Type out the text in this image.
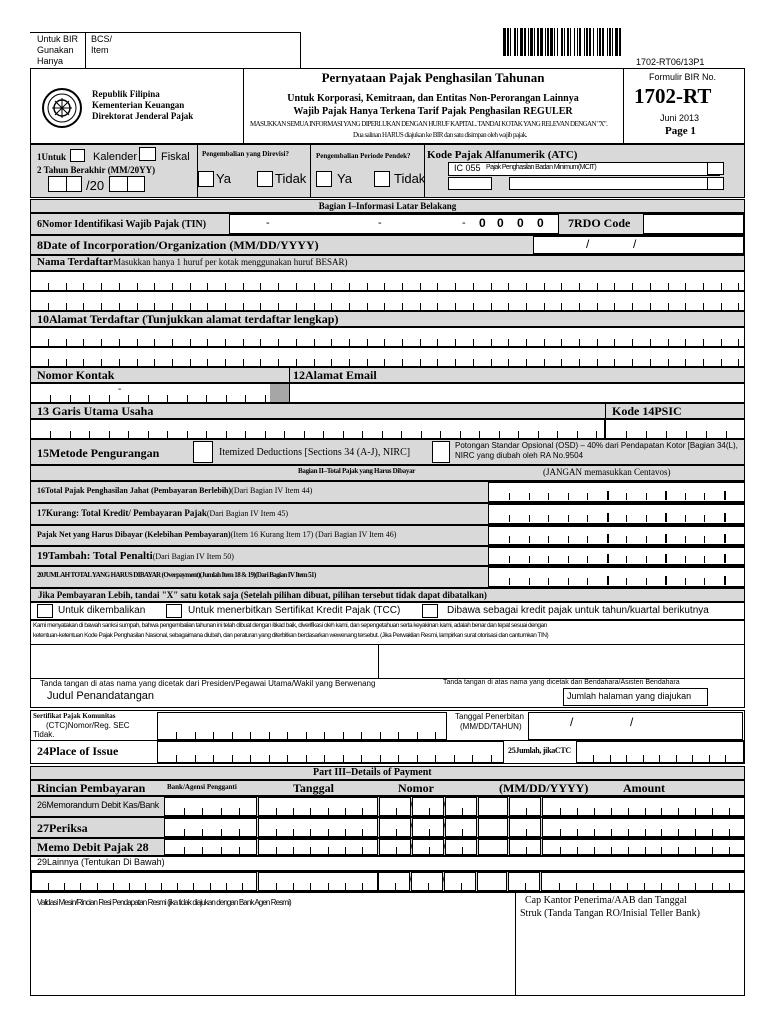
Untuk BIR
Gunakan
Hanya
BCS/
Item
1702-RT06/13P1
Republik Filipina
Kementerian Keuangan
Direktorat Jenderal Pajak
Pernyataan Pajak Penghasilan Tahunan
Untuk Korporasi, Kemitraan, dan Entitas Non-Perorangan Lainnya
Wajib Pajak Hanya Terkena Tarif Pajak Penghasilan REGULER
MASUKKAN SEMUA INFORMASI YANG DIPERLUKAN DENGAN HURUF KAPITAL. TANDAI KOTAK YANG RELEVAN DENGAN "X".
Dua salinan HARUS diajukan ke BIR dan satu disimpan oleh wajib pajak.
Formulir BIR No.
1702-RT
Juni 2013
Page 1
1Untuk Kalender Fiskal
2 Tahun Berakhir (MM/20YY)
/20
Pengembalian yang Direvisi?
Ya	Tidak
Pengembalian Periode Pendek?
Ya	Tidak
Kode Pajak Alfanumerik (ATC)
IC 055 Pajak Penghasilan Badan Minimum(MCIT)
Bagian I–Informasi Latar Belakang
6Nomor Identifikasi Wajib Pajak (TIN)	-	-	- 0 0 0 0 7RDO Code
8Date of Incorporation/Organization (MM/DD/YYYY)	/	/
Nama TerdaftarMasukkan hanya 1 huruf per kotak menggunakan huruf BESAR)
10Alamat Terdaftar (Tunjukkan alamat terdaftar lengkap)
Nomor Kontak	12Alamat Email
-
13 Garis Utama Usaha	Kode 14PSIC
15Metode Pengurangan	Itemized Deductions [Sections 34 (A-J), NIRC]
Potongan Standar Opsional (OSD) – 40% dari Pendapatan Kotor [Bagian 34(L), NIRC yang diubah oleh RA No.9504
Bagian II–Total Pajak yang Harus Dibayar	(JANGAN memasukkan Centavos)
16Total Pajak Penghasilan Jahat (Pembayaran Berlebih)(Dari Bagian IV Item 44)
17Kurang: Total Kredit/ Pembayaran Pajak(Dari Bagian IV Item 45)
Pajak Net yang Harus Dibayar (Kelebihan Pembayaran)(Item 16 Kurang Item 17) (Dari Bagian IV Item 46)
19Tambah: Total Penalti(Dari Bagian IV Item 50)
20JUMLAH TOTAL YANG HARUS DIBAYAR (Overpayment)(Jumlah Item 18 & 19)(Dari Bagian IV Item 51)
Jika Pembayaran Lebih, tandai "X" satu kotak saja (Setelah pilihan dibuat, pilihan tersebut tidak dapat dibatalkan)
Untuk dikembalikan	Untuk menerbitkan Sertifikat Kredit Pajak (TCC)	Dibawa sebagai kredit pajak untuk tahun/kuartal berikutnya
Kami menyatakan di bawah sanksi sumpah, bahwa pengembalian tahunan ini telah dibuat dengan itikad baik, diverifikasi oleh kami, dan sepengetahuan serta keyakinan kami, adalah benar dan tepat sesuai dengan
ketentuan-ketentuan Kode Pajak Penghasilan Nasional, sebagaimana diubah, dan peraturan yang diterbitkan berdasarkan wewenang tersebut. (Jika Perwakilan Resmi, lampirkan surat otorisasi dan cantumkan TIN)
Tanda tangan di atas nama yang dicetak dari Presiden/Pegawai Utama/Wakil yang Berwenang	Tanda tangan di atas nama yang dicetak dari Bendahara/Asisten Bendahara
Judul Penandatangan	Jumlah halaman yang diajukan
Sertifikat Pajak Komunitas
(CTC)Nomor/Reg. SEC
Tidak.
Tanggal Penerbitan
(MM/DD/TAHUN)	/	/
24Place of Issue	25Jumlah, jikaCTC
Part III–Details of Payment
Rincian Pembayaran	Bank/Agensi Pengganti	Tanggal	Nomor	(MM/DD/YYYY)	Amount
26Memorandum Debit Kas/Bank	/	/
27Periksa	/	/
Memo Debit Pajak 28	/	/
29Lainnya (Tentukan Di Bawah)
/	/
Validasi Mesin/Rincian Resi Pendapatan Resmi (jika tidak diajukan dengan Bank Agen Resmi)	Cap Kantor Penerima/AAB dan Tanggal
Struk (Tanda Tangan RO/Inisial Teller Bank)
